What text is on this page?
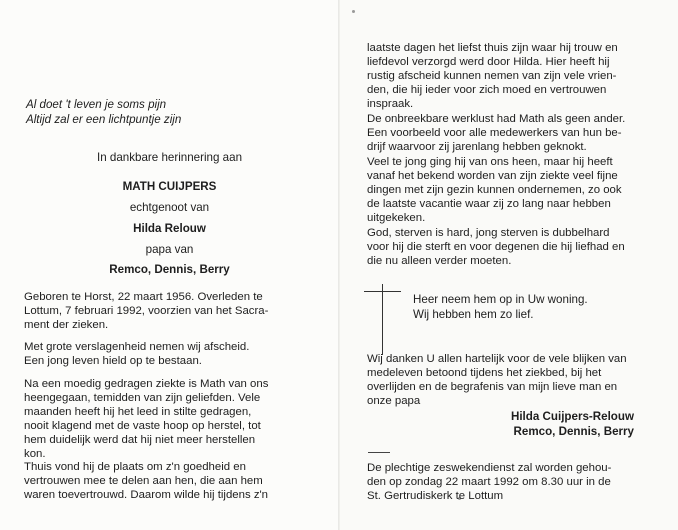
Al doet 't leven je soms pijn
Altijd zal er een lichtpuntje zijn
In dankbare herinnering aan
MATH CUIJPERS
echtgenoot van
Hilda Relouw
papa van
Remco, Dennis, Berry
Geboren te Horst, 22 maart 1956. Overleden te
Lottum, 7 februari 1992, voorzien van het Sacra-
ment der zieken.
Met grote verslagenheid nemen wij afscheid.
Een jong leven hield op te bestaan.
Na een moedig gedragen ziekte is Math van ons
heengegaan, temidden van zijn geliefden. Vele
maanden heeft hij het leed in stilte gedragen,
nooit klagend met de vaste hoop op herstel, tot
hem duidelijk werd dat hij niet meer herstellen
kon.
Thuis vond hij de plaats om z'n goedheid en
vertrouwen mee te delen aan hen, die aan hem
waren toevertrouwd. Daarom wilde hij tijdens z'n
laatste dagen het liefst thuis zijn waar hij trouw en
liefdevol verzorgd werd door Hilda. Hier heeft hij
rustig afscheid kunnen nemen van zijn vele vrien-
den, die hij ieder voor zich moed en vertrouwen
inspraak.
De onbreekbare werklust had Math als geen ander.
Een voorbeeld voor alle medewerkers van hun be-
drijf waarvoor zij jarenlang hebben geknokt.
Veel te jong ging hij van ons heen, maar hij heeft
vanaf het bekend worden van zijn ziekte veel fijne
dingen met zijn gezin kunnen ondernemen, zo ook
de laatste vacantie waar zij zo lang naar hebben
uitgekeken.
God, sterven is hard, jong sterven is dubbelhard
voor hij die sterft en voor degenen die hij liefhad en
die nu alleen verder moeten.
Heer neem hem op in Uw woning.
Wij hebben hem zo lief.
Wij danken U allen hartelijk voor de vele blijken van
medeleven betoond tijdens het ziekbed, bij het
overlijden en de begrafenis van mijn lieve man en
onze papa
Hilda Cuijpers-Relouw
Remco, Dennis, Berry
De plechtige zeswekendienst zal worden gehou-
den op zondag 22 maart 1992 om 8.30 uur in de
St. Gertrudiskerk te Lottum
